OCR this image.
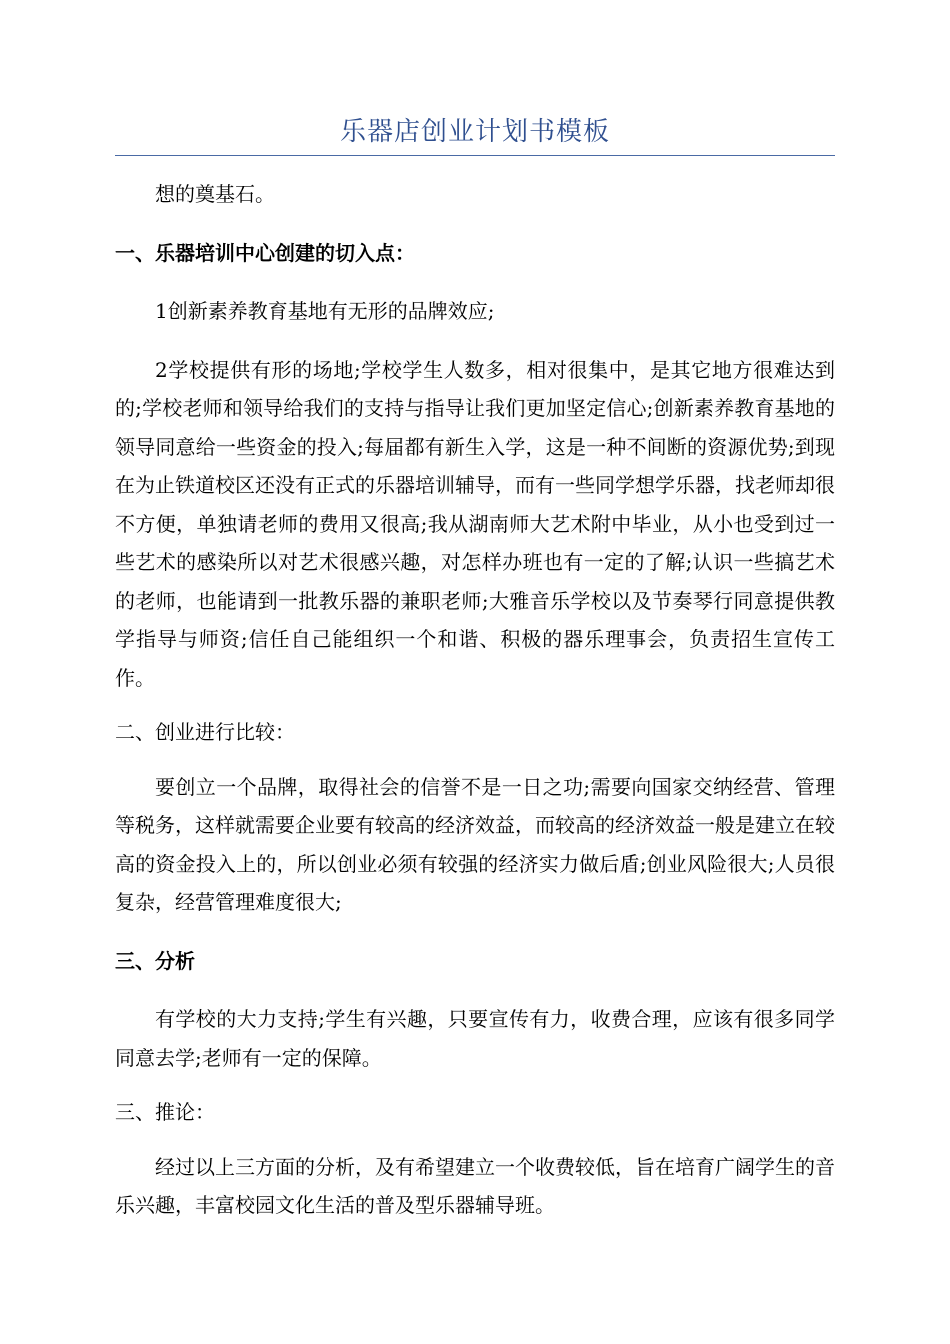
乐器店创业计划书模板

想的奠基石。

一、乐器培训中心创建的切入点：

1创新素养教育基地有无形的品牌效应;

2学校提供有形的场地;学校学生人数多，相对很集中，是其它地方很难达到的;学校老师和领导给我们的支持与指导让我们更加坚定信心;创新素养教育基地的领导同意给一些资金的投入;每届都有新生入学，这是一种不间断的资源优势;到现在为止铁道校区还没有正式的乐器培训辅导，而有一些同学想学乐器，找老师却很不方便，单独请老师的费用又很高;我从湖南师大艺术附中毕业，从小也受到过一些艺术的感染所以对艺术很感兴趣，对怎样办班也有一定的了解;认识一些搞艺术的老师，也能请到一批教乐器的兼职老师;大雅音乐学校以及节奏琴行同意提供教学指导与师资;信任自己能组织一个和谐、积极的器乐理事会，负责招生宣传工作。

二、创业进行比较：

要创立一个品牌，取得社会的信誉不是一日之功;需要向国家交纳经营、管理等税务，这样就需要企业要有较高的经济效益，而较高的经济效益一般是建立在较高的资金投入上的，所以创业必须有较强的经济实力做后盾;创业风险很大;人员很复杂，经营管理难度很大;

三、分析

有学校的大力支持;学生有兴趣，只要宣传有力，收费合理，应该有很多同学同意去学;老师有一定的保障。

三、推论：

经过以上三方面的分析，及有希望建立一个收费较低，旨在培育广阔学生的音乐兴趣，丰富校园文化生活的普及型乐器辅导班。
